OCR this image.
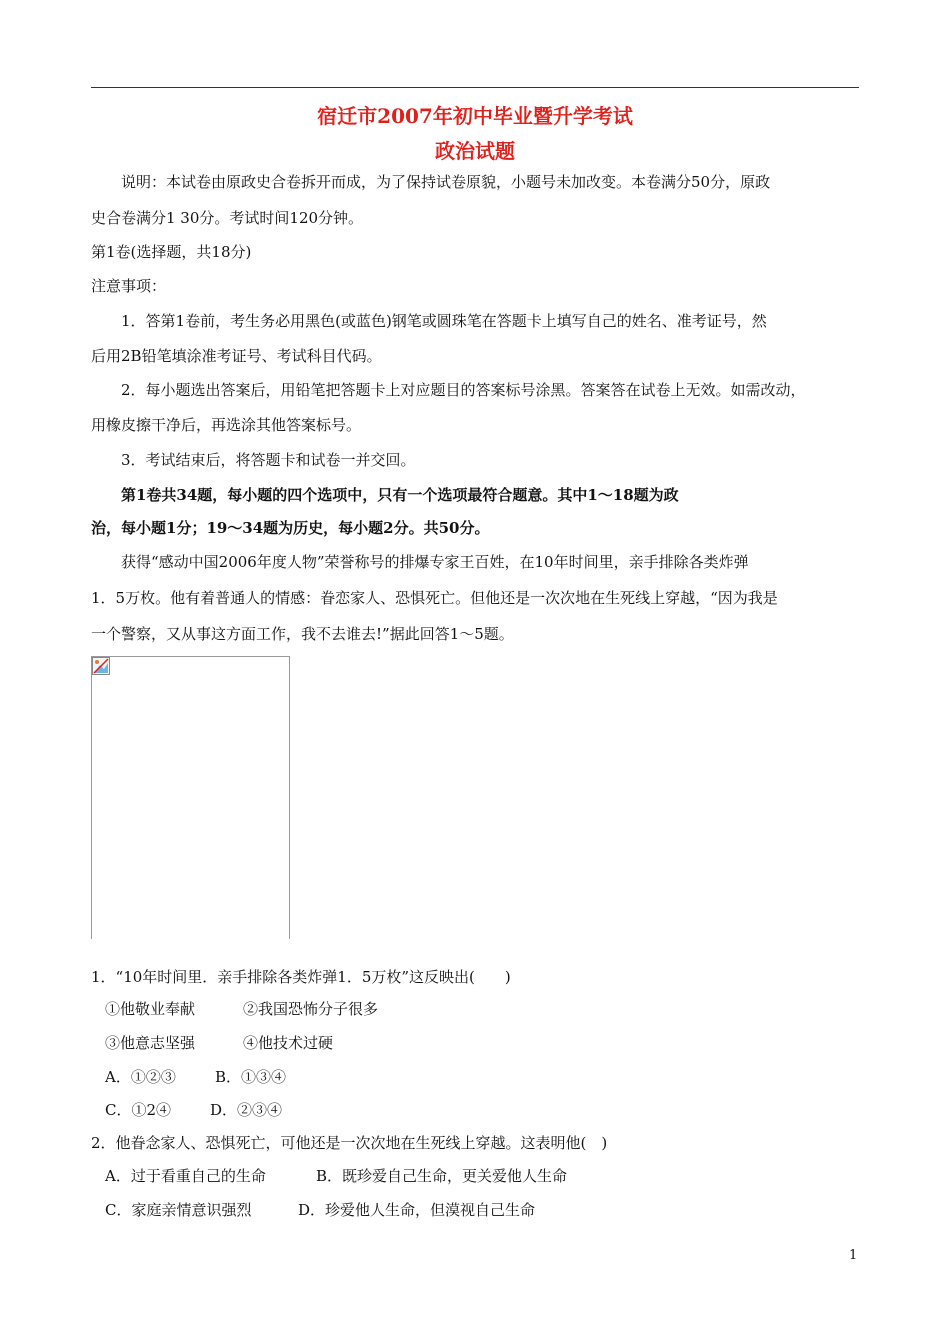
宿迁市2007年初中毕业暨升学考试
政治试题
说明：本试卷由原政史合卷拆开而成，为了保持试卷原貌，小题号未加改变。本卷满分50分，原政
史合卷满分1 30分。考试时间120分钟。
第1卷(选择题，共18分)
注意事项：
1．答第1卷前，考生务必用黑色(或蓝色)钢笔或圆珠笔在答题卡上填写自己的姓名、准考证号，然
后用2B铅笔填涂准考证号、考试科目代码。
2．每小题选出答案后，用铅笔把答题卡上对应题目的答案标号涂黑。答案答在试卷上无效。如需改动，
用橡皮擦干净后，再选涂其他答案标号。
3．考试结束后，将答题卡和试卷一并交回。
第1卷共34题，每小题的四个选项中，只有一个选项最符合题意。其中1～18题为政
治，每小题1分；19～34题为历史，每小题2分。共50分。
获得“感动中国2006年度人物”荣誉称号的排爆专家王百姓，在10年时间里，亲手排除各类炸弹
1．5万枚。他有着普通人的情感：眷恋家人、恐惧死亡。但他还是一次次地在生死线上穿越，“因为我是
一个警察，又从事这方面工作，我不去谁去!”据此回答1～5题。
1．“10年时间里．亲手排除各类炸弹1．5万枚”这反映出(　　)
①他敬业奉献	②我国恐怖分子很多
③他意志坚强	④他技术过硬
A．①②③	B．①③④
C．①2④	D．②③④
2．他眷念家人、恐惧死亡，可他还是一次次地在生死线上穿越。这表明他(　)
A．过于看重自己的生命	B．既珍爱自己生命，更关爱他人生命
C．家庭亲情意识强烈	D．珍爱他人生命，但漠视自己生命
1
